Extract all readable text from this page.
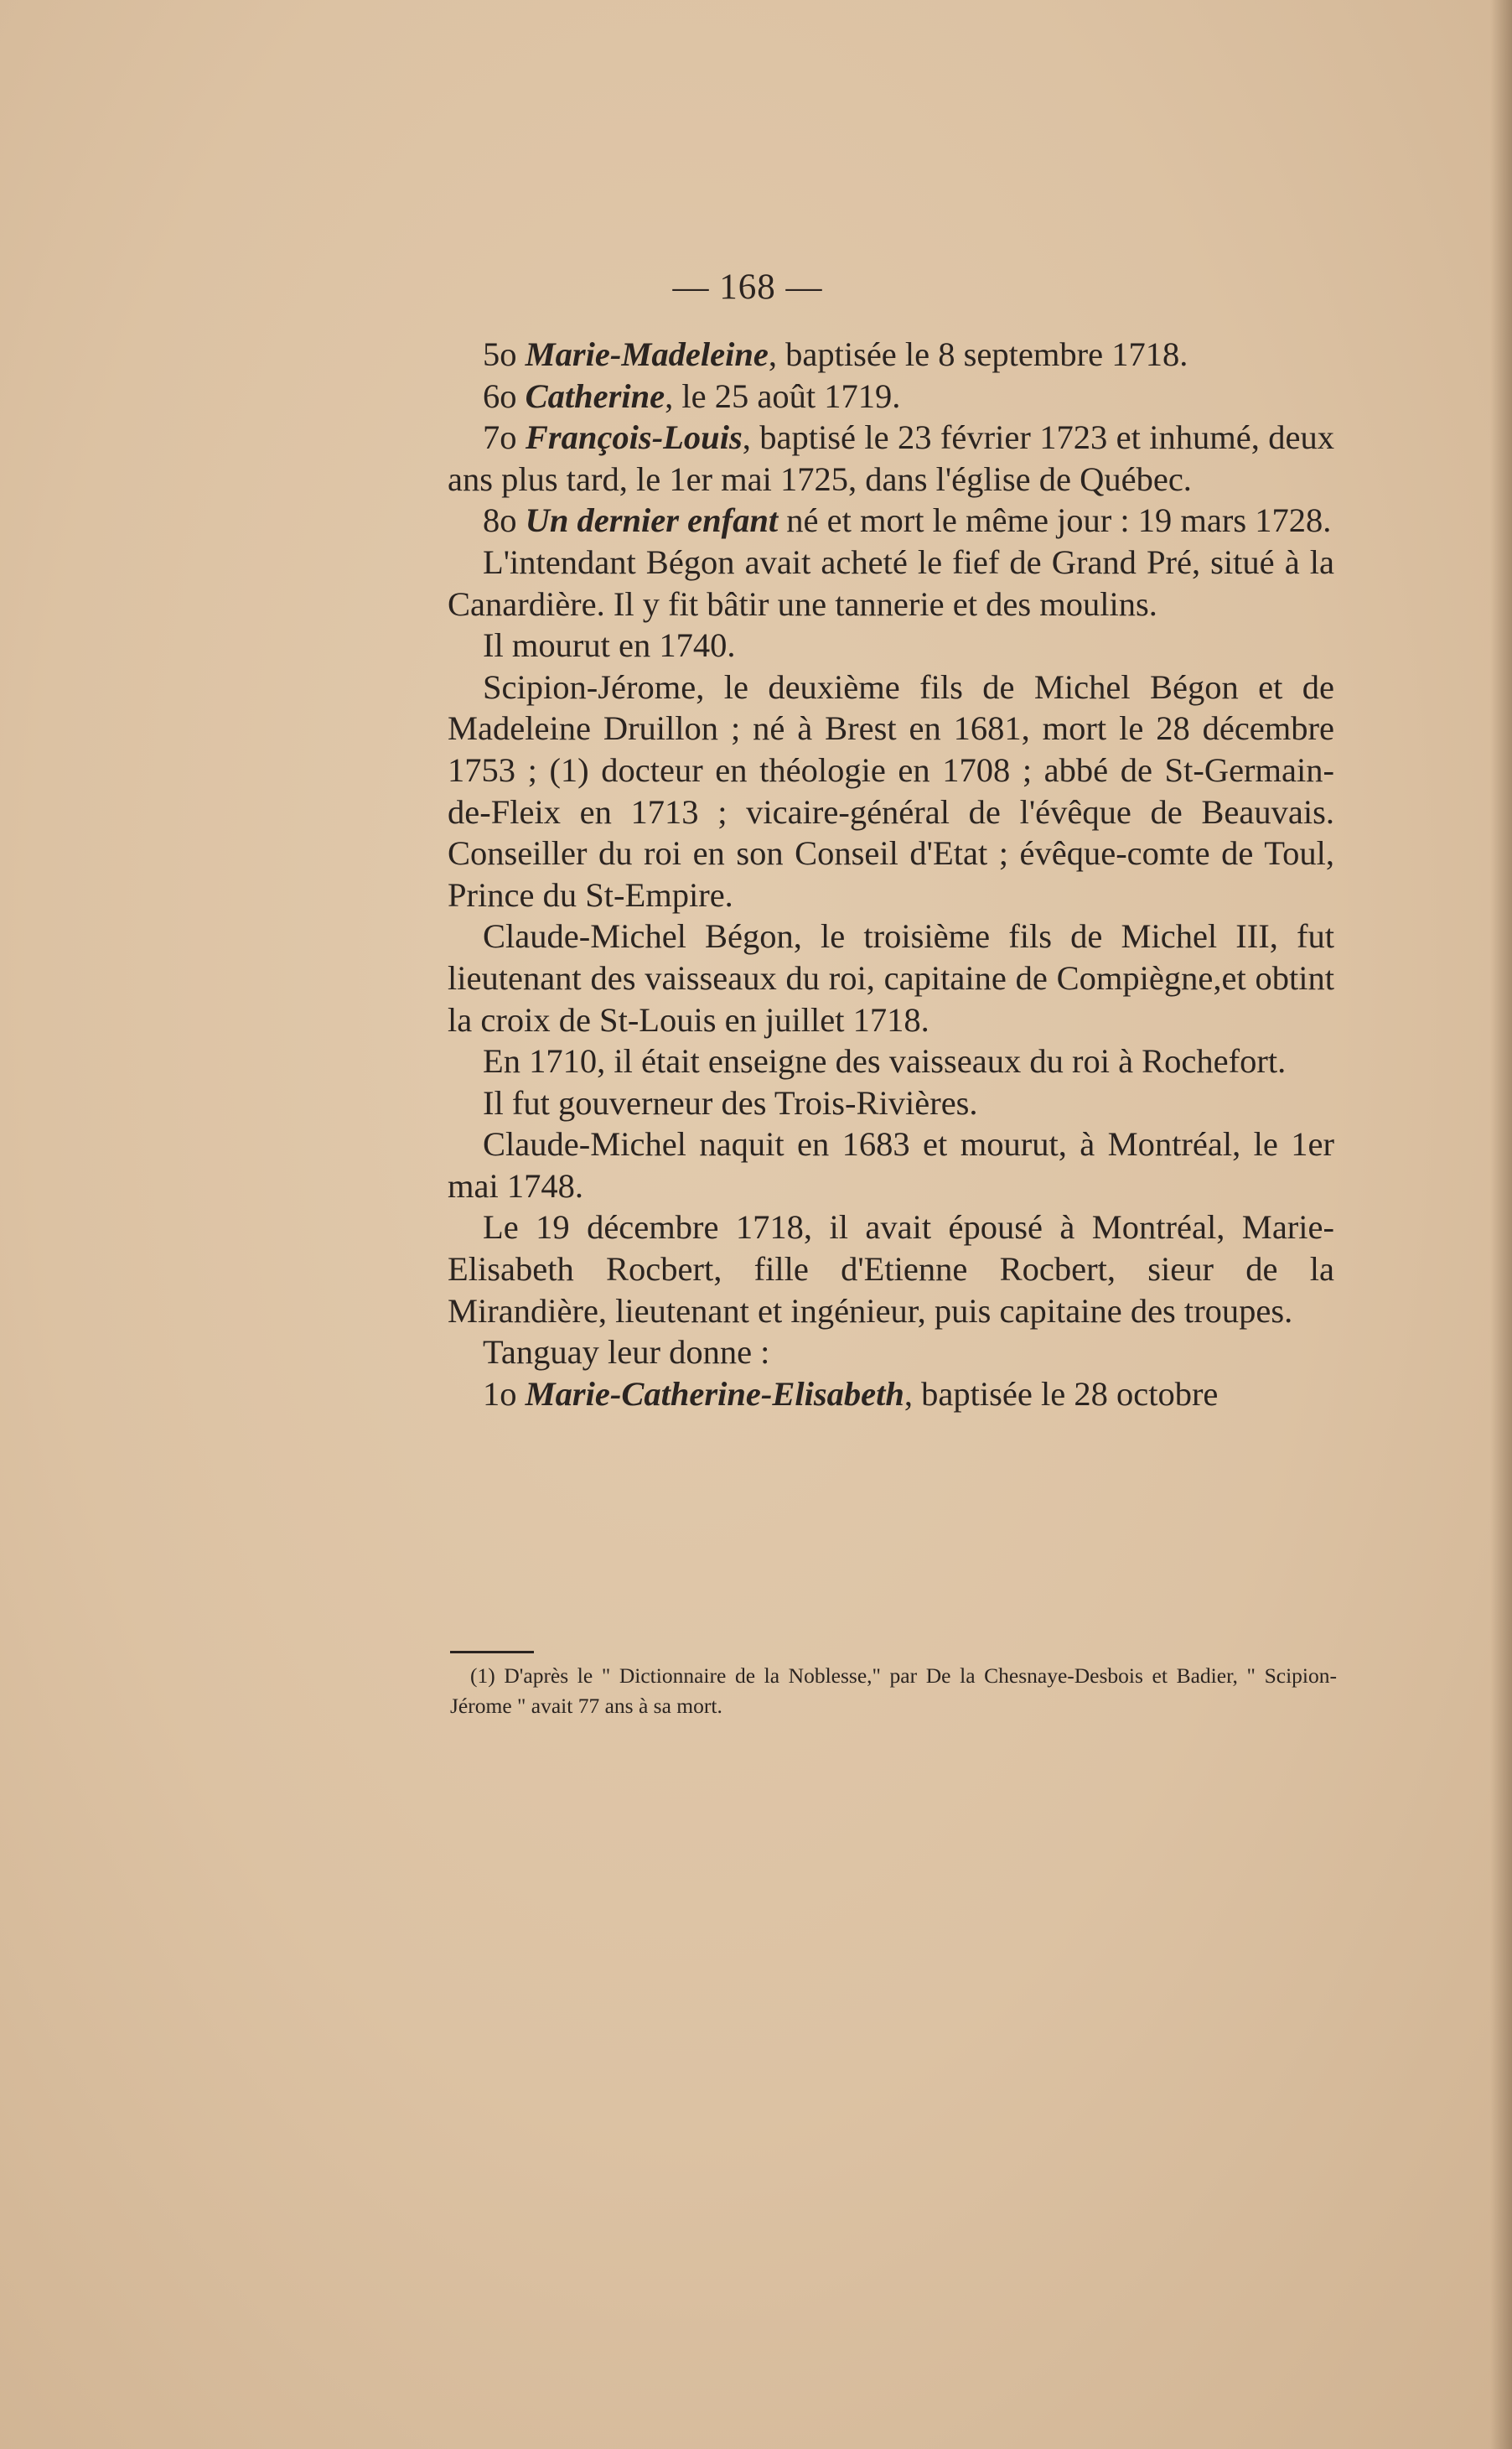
— 168 —

5o Marie-Madeleine, baptisée le 8 septembre 1718.

6o Catherine, le 25 août 1719.

7o François-Louis, baptisé le 23 février 1723 et inhumé, deux ans plus tard, le 1er mai 1725, dans l'église de Québec.

8o Un dernier enfant né et mort le même jour : 19 mars 1728.

L'intendant Bégon avait acheté le fief de Grand Pré, situé à la Canardière. Il y fit bâtir une tannerie et des moulins.

Il mourut en 1740.

Scipion-Jérome, le deuxième fils de Michel Bégon et de Madeleine Druillon ; né à Brest en 1681, mort le 28 décembre 1753 ; (1) docteur en théologie en 1708 ; abbé de St-Germain-de-Fleix en 1713 ; vicaire-général de l'évêque de Beauvais. Conseiller du roi en son Conseil d'Etat ; évêque-comte de Toul, Prince du St-Empire.

Claude-Michel Bégon, le troisième fils de Michel III, fut lieutenant des vaisseaux du roi, capitaine de Compiègne,et obtint la croix de St-Louis en juillet 1718.

En 1710, il était enseigne des vaisseaux du roi à Rochefort.

Il fut gouverneur des Trois-Rivières.

Claude-Michel naquit en 1683 et mourut, à Montréal, le 1er mai 1748.

Le 19 décembre 1718, il avait épousé à Montréal, Marie-Elisabeth Rocbert, fille d'Etienne Rocbert, sieur de la Mirandière, lieutenant et ingénieur, puis capitaine des troupes.

Tanguay leur donne :

1o Marie-Catherine-Elisabeth, baptisée le 28 octobre

(1) D'après le " Dictionnaire de la Noblesse," par De la Chesnaye-Desbois et Badier, " Scipion-Jérome " avait 77 ans à sa mort.
